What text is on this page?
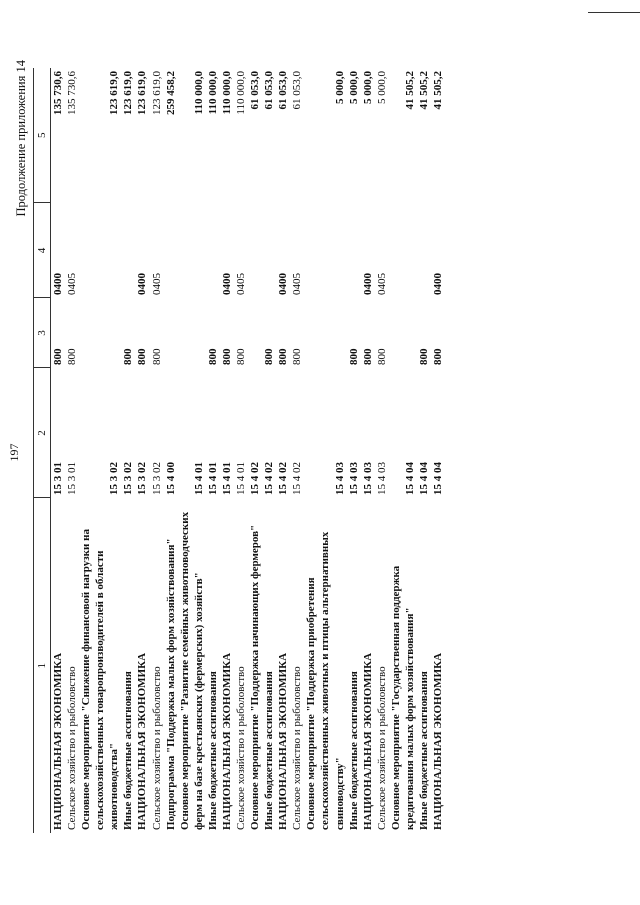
197
Продолжение приложения 14
1	2	3	4	5
НАЦИОНАЛЬНАЯ ЭКОНОМИКА	15 3 01	800	0400	135 730,6
Сельское хозяйство и рыболовство	15 3 01	800	0405	135 730,6
Основное мероприятие "Снижение финансовой нагрузки на сельскохозяйственных товаропроизводителей в области животноводства"	15 3 02			123 619,0
Иные бюджетные ассигнования	15 3 02	800		123 619,0
НАЦИОНАЛЬНАЯ ЭКОНОМИКА	15 3 02	800	0400	123 619,0
Сельское хозяйство и рыболовство	15 3 02	800	0405	123 619,0
Подпрограмма "Поддержка малых форм хозяйствования"	15 4 00			259 458,2
Основное мероприятие "Развитие семейных животноводческих ферм на базе крестьянских (фермерских) хозяйств"	15 4 01			110 000,0
Иные бюджетные ассигнования	15 4 01	800		110 000,0
НАЦИОНАЛЬНАЯ ЭКОНОМИКА	15 4 01	800	0400	110 000,0
Сельское хозяйство и рыболовство	15 4 01	800	0405	110 000,0
Основное мероприятие "Поддержка начинающих фермеров"	15 4 02			61 053,0
Иные бюджетные ассигнования	15 4 02	800		61 053,0
НАЦИОНАЛЬНАЯ ЭКОНОМИКА	15 4 02	800	0400	61 053,0
Сельское хозяйство и рыболовство	15 4 02	800	0405	61 053,0
Основное мероприятие "Поддержка приобретения сельскохозяйственных животных и птицы альтернативных свиноводству"	15 4 03			5 000,0
Иные бюджетные ассигнования	15 4 03	800		5 000,0
НАЦИОНАЛЬНАЯ ЭКОНОМИКА	15 4 03	800	0400	5 000,0
Сельское хозяйство и рыболовство	15 4 03	800	0405	5 000,0
Основное мероприятие "Государственная поддержка кредитования малых форм хозяйствования"	15 4 04			41 505,2
Иные бюджетные ассигнования	15 4 04	800		41 505,2
НАЦИОНАЛЬНАЯ ЭКОНОМИКА	15 4 04	800	0400	41 505,2
